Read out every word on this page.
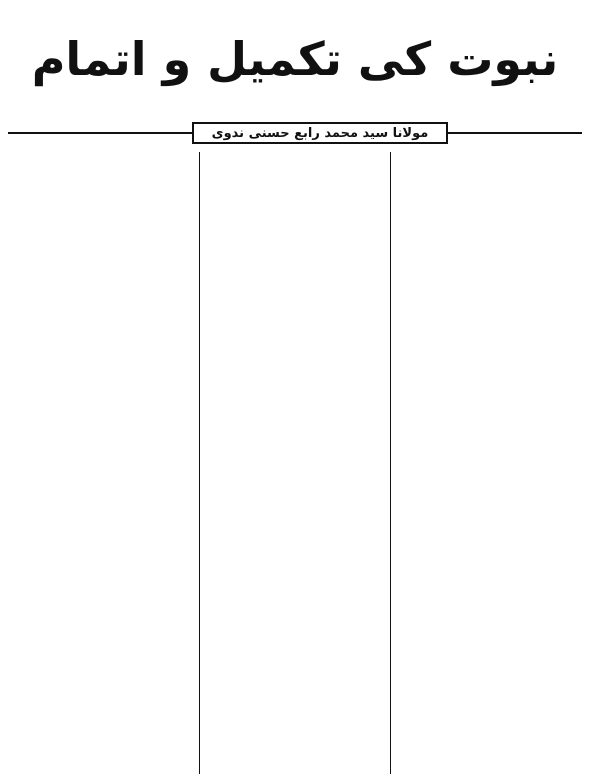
نبوت کی تکمیل و اتمام

مولانا سید محمد رابع حسنی ندوی
